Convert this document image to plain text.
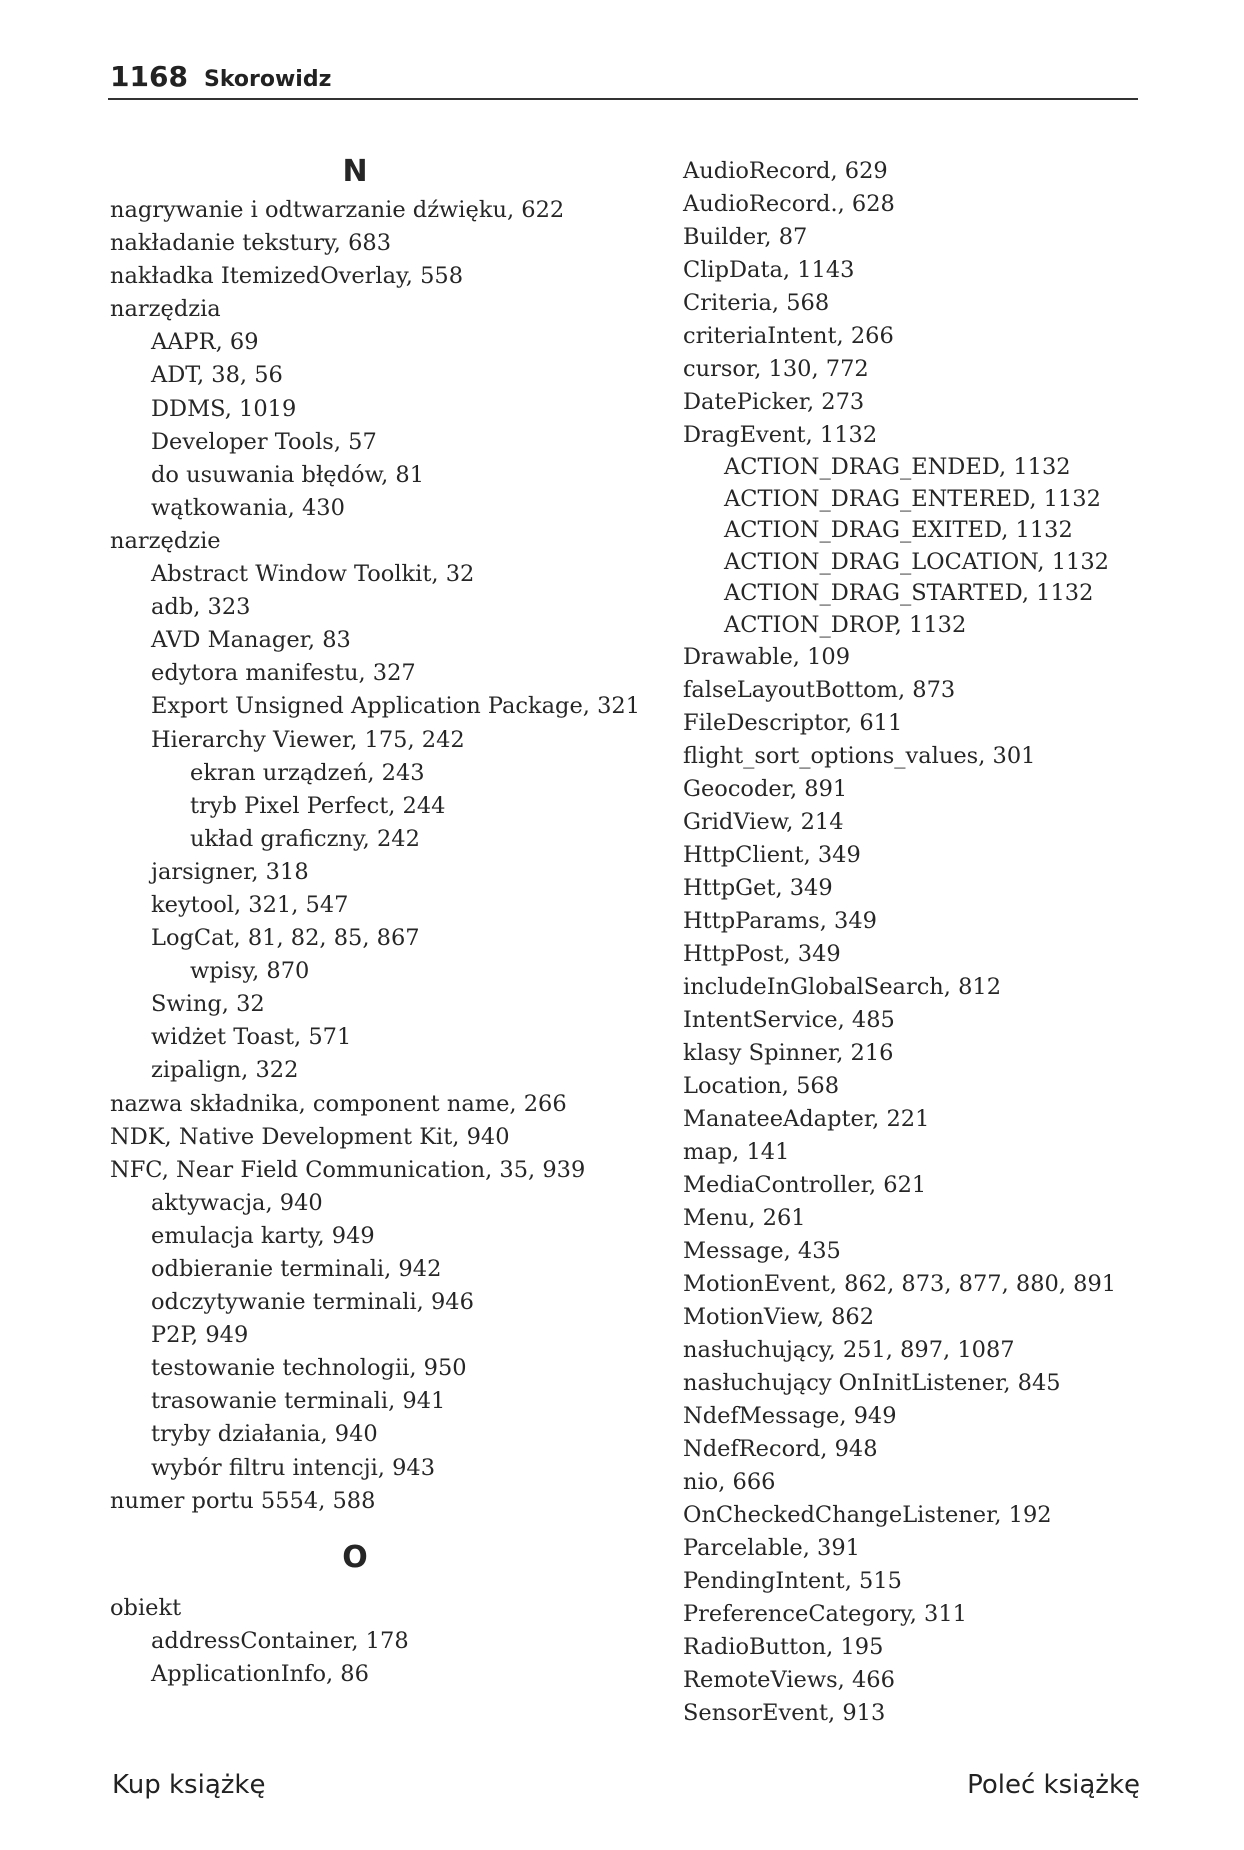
1168 Skorowidz
N
nagrywanie i odtwarzanie dźwięku, 622
nakładanie tekstury, 683
nakładka ItemizedOverlay, 558
narzędzia
AAPR, 69
ADT, 38, 56
DDMS, 1019
Developer Tools, 57
do usuwania błędów, 81
wątkowania, 430
narzędzie
Abstract Window Toolkit, 32
adb, 323
AVD Manager, 83
edytora manifestu, 327
Export Unsigned Application Package, 321
Hierarchy Viewer, 175, 242
ekran urządzeń, 243
tryb Pixel Perfect, 244
układ graficzny, 242
jarsigner, 318
keytool, 321, 547
LogCat, 81, 82, 85, 867
wpisy, 870
Swing, 32
widżet Toast, 571
zipalign, 322
nazwa składnika, component name, 266
NDK, Native Development Kit, 940
NFC, Near Field Communication, 35, 939
aktywacja, 940
emulacja karty, 949
odbieranie terminali, 942
odczytywanie terminali, 946
P2P, 949
testowanie technologii, 950
trasowanie terminali, 941
tryby działania, 940
wybór filtru intencji, 943
numer portu 5554, 588
O
obiekt
addressContainer, 178
ApplicationInfo, 86
AudioRecord, 629
AudioRecord., 628
Builder, 87
ClipData, 1143
Criteria, 568
criteriaIntent, 266
cursor, 130, 772
DatePicker, 273
DragEvent, 1132
ACTION_DRAG_ENDED, 1132
ACTION_DRAG_ENTERED, 1132
ACTION_DRAG_EXITED, 1132
ACTION_DRAG_LOCATION, 1132
ACTION_DRAG_STARTED, 1132
ACTION_DROP, 1132
Drawable, 109
falseLayoutBottom, 873
FileDescriptor, 611
flight_sort_options_values, 301
Geocoder, 891
GridView, 214
HttpClient, 349
HttpGet, 349
HttpParams, 349
HttpPost, 349
includeInGlobalSearch, 812
IntentService, 485
klasy Spinner, 216
Location, 568
ManateeAdapter, 221
map, 141
MediaController, 621
Menu, 261
Message, 435
MotionEvent, 862, 873, 877, 880, 891
MotionView, 862
nasłuchujący, 251, 897, 1087
nasłuchujący OnInitListener, 845
NdefMessage, 949
NdefRecord, 948
nio, 666
OnCheckedChangeListener, 192
Parcelable, 391
PendingIntent, 515
PreferenceCategory, 311
RadioButton, 195
RemoteViews, 466
SensorEvent, 913
Kup książkę	Poleć książkę
